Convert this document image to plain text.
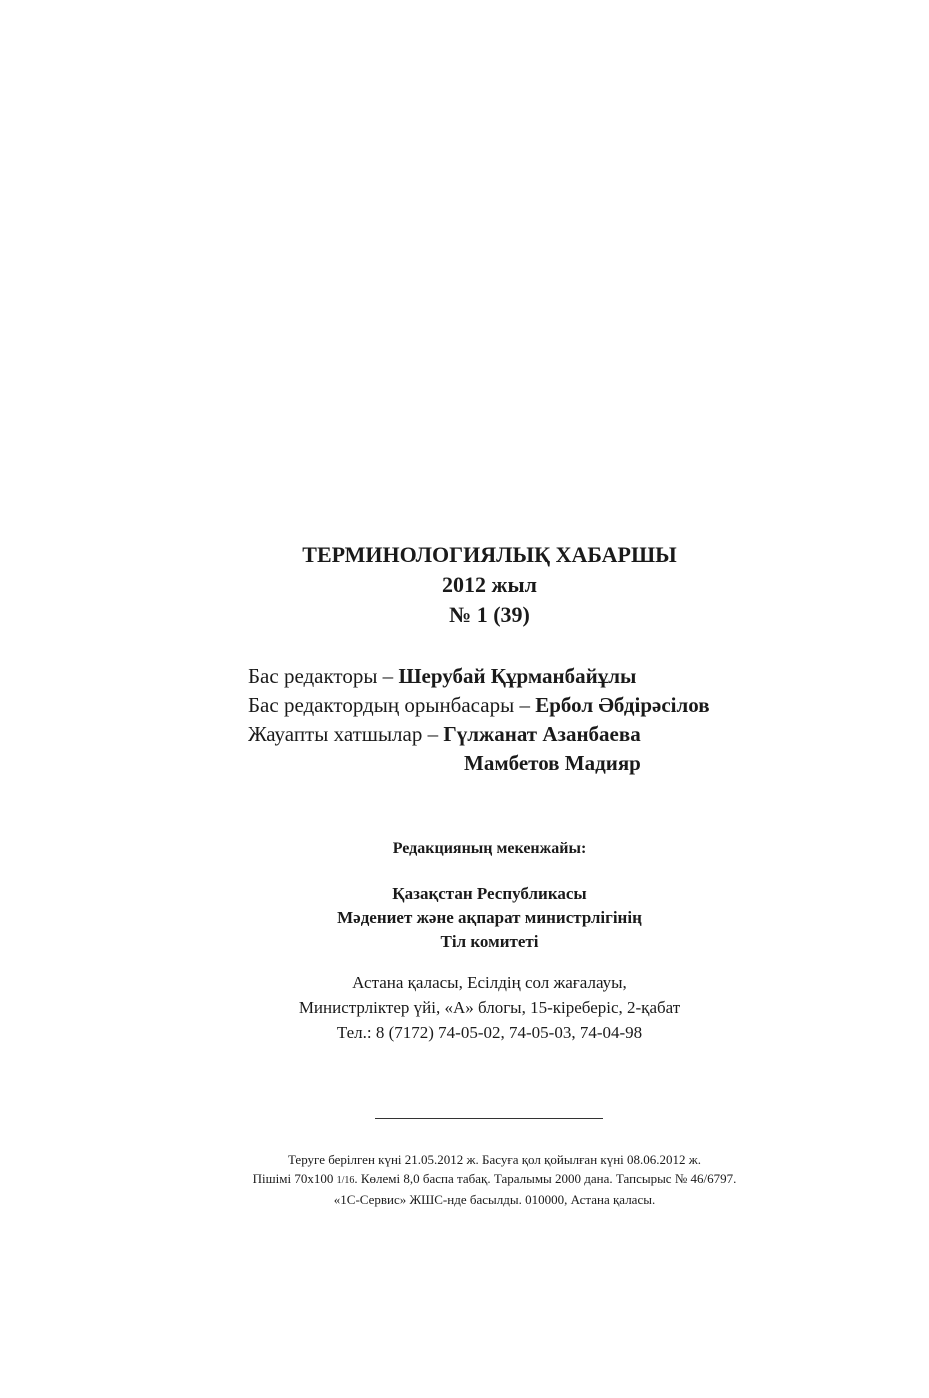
ТЕРМИНОЛОГИЯЛЫҚ ХАБАРШЫ
2012 жыл
№ 1 (39)
Бас редакторы – Шерубай Құрманбайұлы
Бас редактордың орынбасары – Ербол Әбдірәсілов
Жауапты хатшылар – Гүлжанат Азанбаева
Мамбетов Мадияр
Редакцияның мекенжайы:
Қазақстан Республикасы
Мәдениет және ақпарат министрлігінің
Тіл комитеті
Астана қаласы, Есілдің сол жағалауы,
Министрліктер үйі, «А» блогы, 15-кіреберіс, 2-қабат
Тел.: 8 (7172) 74-05-02, 74-05-03, 74-04-98
Теруге берілген күні 21.05.2012 ж. Басуға қол қойылған күні 08.06.2012 ж.
Пішімі 70х100 1/16. Көлемі 8,0 баспа табақ. Таралымы 2000 дана. Тапсырыс № 46/6797.
«1С-Сервис» ЖШС-нде басылды. 010000, Астана қаласы.
